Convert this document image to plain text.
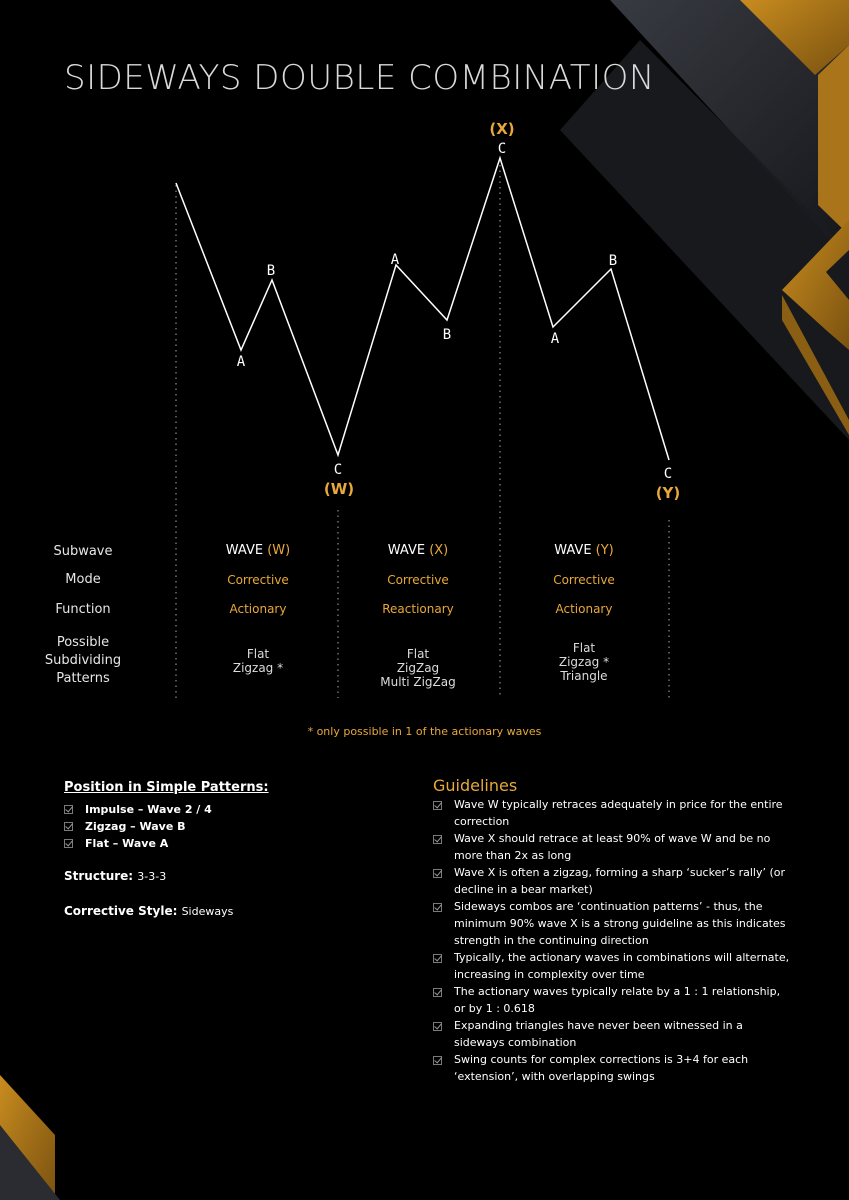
SIDEWAYS DOUBLE COMBINATION
A
B
C
A
B
C
A
B
C
(W)
(X)
(Y)
Subwave
Mode
Function
Possible
Subdividing
Patterns
WAVE (W)
Corrective
Actionary
Flat
Zigzag *
WAVE (X)
Corrective
Reactionary
Flat
ZigZag
Multi ZigZag
WAVE (Y)
Corrective
Actionary
Flat
Zigzag *
Triangle
* only possible in 1 of the actionary waves
Position in Simple Patterns:
Impulse – Wave 2 / 4
Zigzag – Wave B
Flat – Wave A
Structure: 3-3-3
Corrective Style: Sideways
Guidelines
Wave W typically retraces adequately in price for the entire correction
Wave X should retrace at least 90% of wave W and be no more than 2x as long
Wave X is often a zigzag, forming a sharp ‘sucker’s rally’ (or decline in a bear market)
Sideways combos are ‘continuation patterns’ - thus, the minimum 90% wave X is a strong guideline as this indicates strength in the continuing direction
Typically, the actionary waves in combinations will alternate, increasing in complexity over time
The actionary waves typically relate by a 1 : 1 relationship, or by 1 : 0.618
Expanding triangles have never been witnessed in a sideways combination
Swing counts for complex corrections is 3+4 for each ‘extension’, with overlapping swings
